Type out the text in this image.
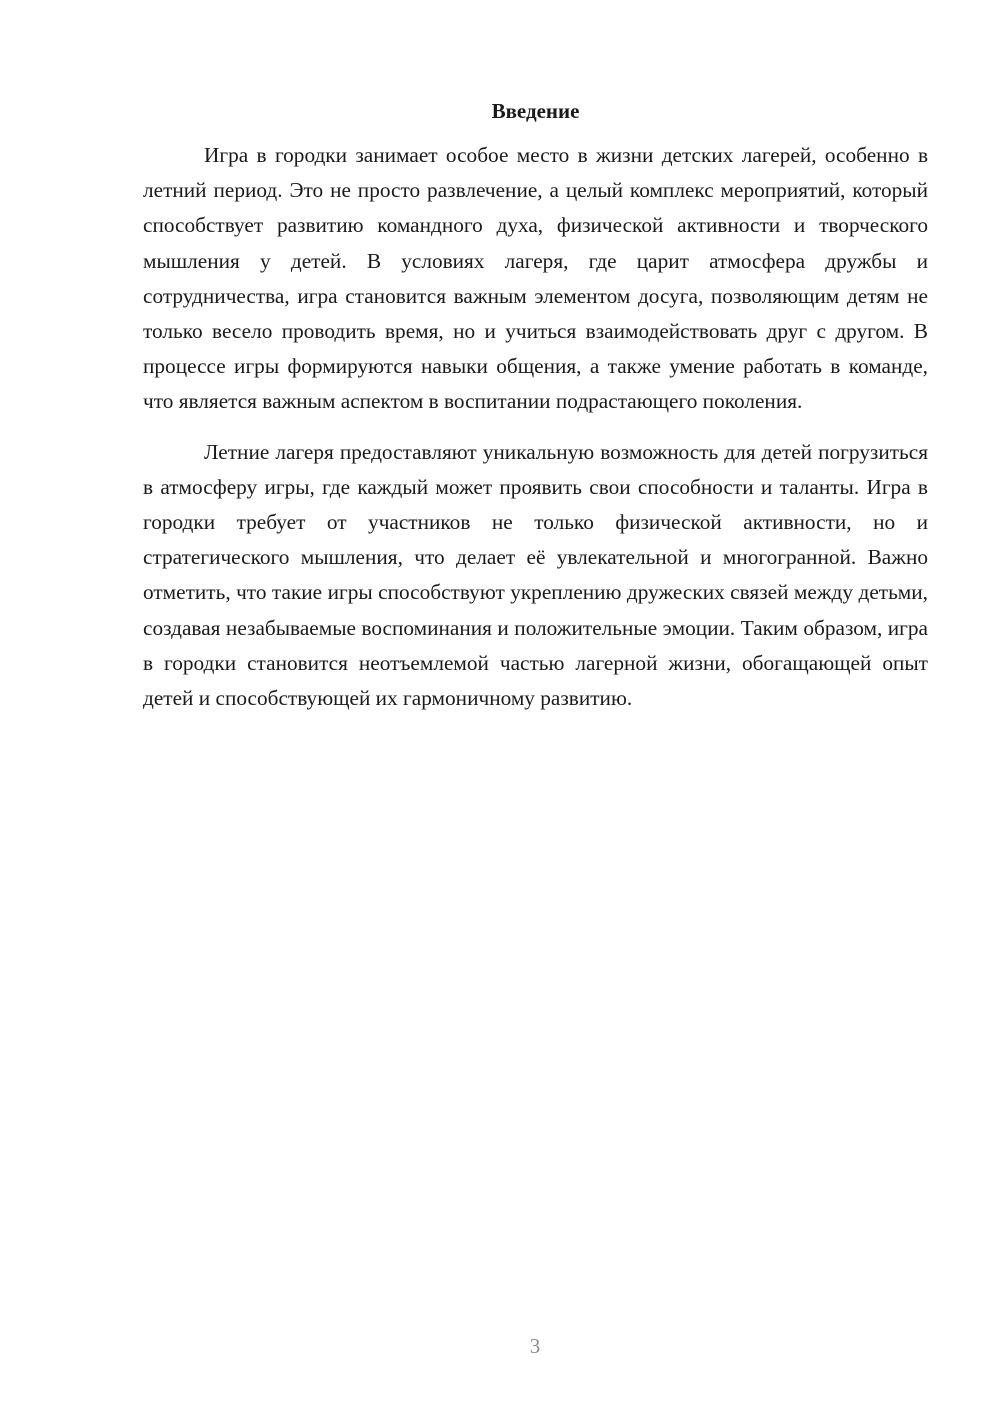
Введение

Игра в городки занимает особое место в жизни детских лагерей, особенно в летний период. Это не просто развлечение, а целый комплекс мероприятий, который способствует развитию командного духа, физической активности и творческого мышления у детей. В условиях лагеря, где царит атмосфера дружбы и сотрудничества, игра становится важным элементом досуга, позволяющим детям не только весело проводить время, но и учиться взаимодействовать друг с другом. В процессе игры формируются навыки общения, а также умение работать в команде, что является важным аспектом в воспитании подрастающего поколения.

Летние лагеря предоставляют уникальную возможность для детей погрузиться в атмосферу игры, где каждый может проявить свои способности и таланты. Игра в городки требует от участников не только физической активности, но и стратегического мышления, что делает её увлекательной и многогранной. Важно отметить, что такие игры способствуют укреплению дружеских связей между детьми, создавая незабываемые воспоминания и положительные эмоции. Таким образом, игра в городки становится неотъемлемой частью лагерной жизни, обогащающей опыт детей и способствующей их гармоничному развитию.

3
